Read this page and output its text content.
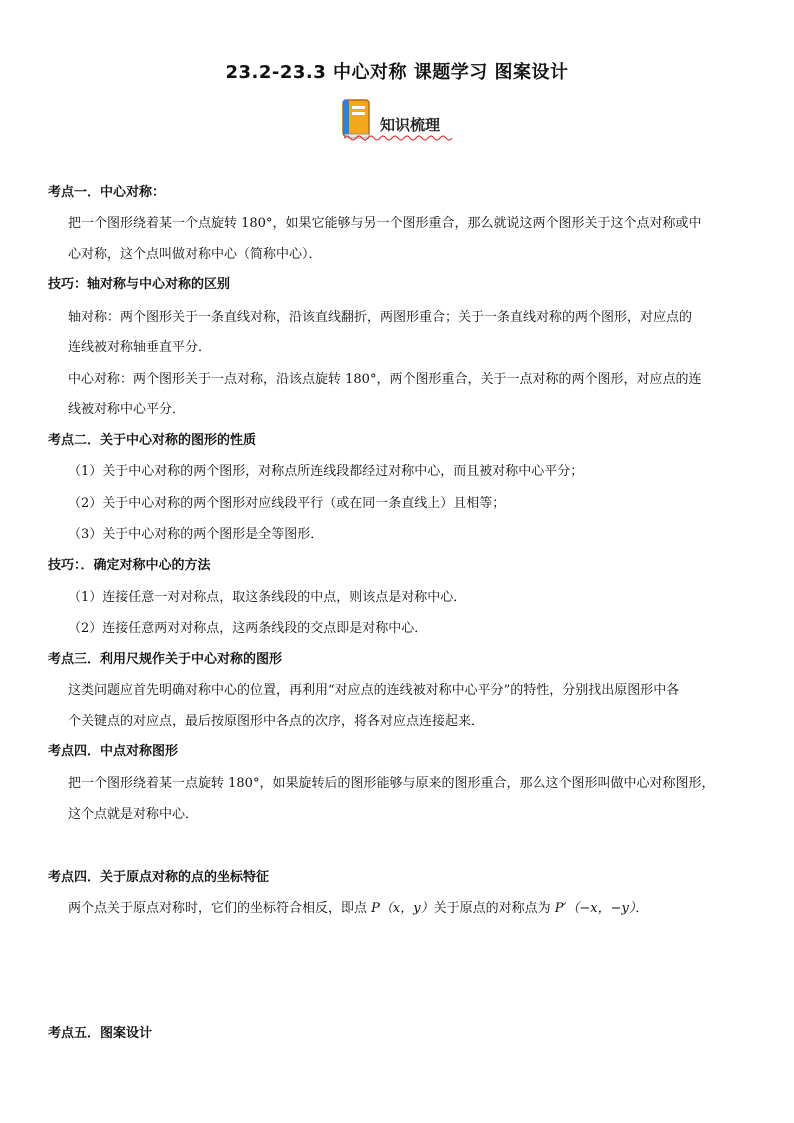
23.2-23.3 中心对称 课题学习 图案设计
知识梳理
考点一．中心对称：
把一个图形绕着某一个点旋转 180°，如果它能够与另一个图形重合，那么就说这两个图形关于这个点对称或中
心对称，这个点叫做对称中心（简称中心）．
技巧：轴对称与中心对称的区别
轴对称：两个图形关于一条直线对称，沿该直线翻折，两图形重合；关于一条直线对称的两个图形，对应点的
连线被对称轴垂直平分．
中心对称：两个图形关于一点对称，沿该点旋转 180°，两个图形重合，关于一点对称的两个图形，对应点的连
线被对称中心平分．
考点二．关于中心对称的图形的性质
（1）关于中心对称的两个图形，对称点所连线段都经过对称中心，而且被对称中心平分；
（2）关于中心对称的两个图形对应线段平行（或在同一条直线上）且相等；
（3）关于中心对称的两个图形是全等图形．
技巧：．确定对称中心的方法
（1）连接任意一对对称点，取这条线段的中点，则该点是对称中心．
（2）连接任意两对对称点，这两条线段的交点即是对称中心．
考点三．利用尺规作关于中心对称的图形
这类问题应首先明确对称中心的位置，再利用“对应点的连线被对称中心平分”的特性，分别找出原图形中各
个关键点的对应点，最后按原图形中各点的次序，将各对应点连接起来．
考点四．中点对称图形
把一个图形绕着某一点旋转 180°，如果旋转后的图形能够与原来的图形重合，那么这个图形叫做中心对称图形，
这个点就是对称中心．
考点四．关于原点对称的点的坐标特征
两个点关于原点对称时，它们的坐标符合相反，即点 P（x，y）关于原点的对称点为 P′（−x，−y）．
考点五．图案设计
